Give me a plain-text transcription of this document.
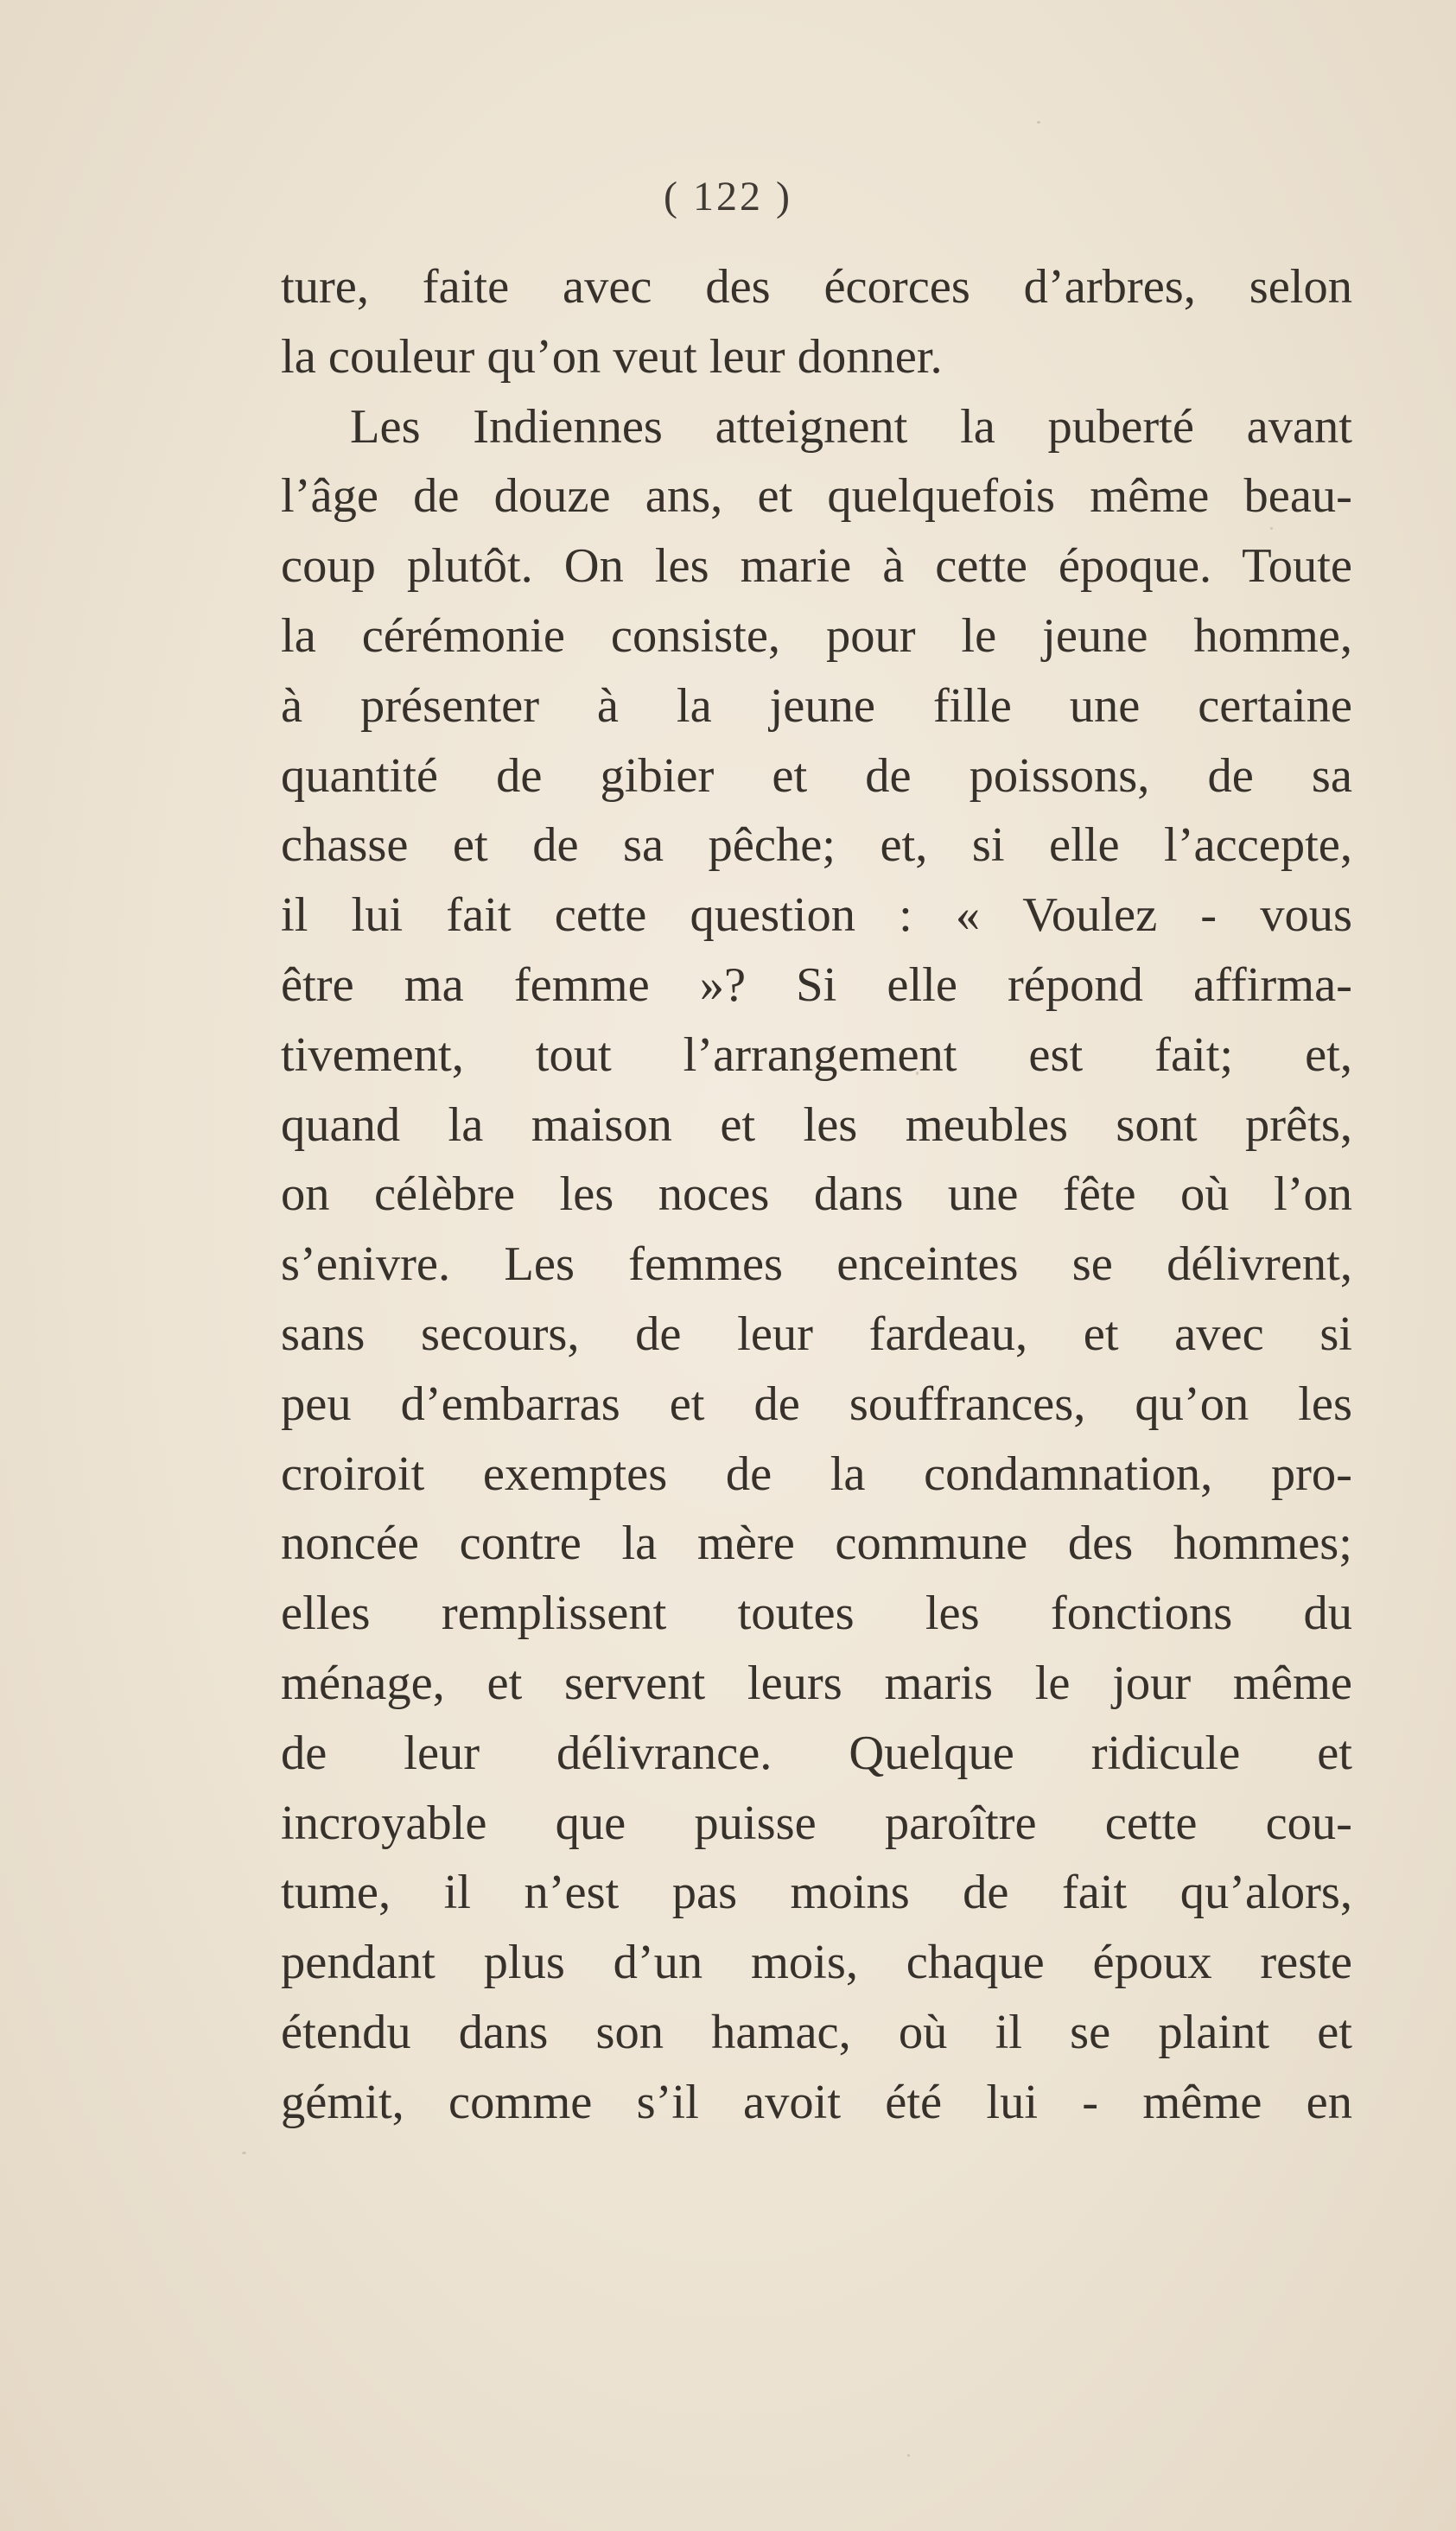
( 122 )
ture, faite avec des écorces d’arbres, selon
la couleur qu’on veut leur donner.
Les Indiennes atteignent la puberté avant
l’âge de douze ans, et quelquefois même beau-
coup plutôt. On les marie à cette époque. Toute
la cérémonie consiste, pour le jeune homme,
à présenter à la jeune fille une certaine
quantité de gibier et de poissons, de sa
chasse et de sa pêche; et, si elle l’accepte,
il lui fait cette question : « Voulez - vous
être ma femme »? Si elle répond affirma-
tivement, tout l’arrangement est fait; et,
quand la maison et les meubles sont prêts,
on célèbre les noces dans une fête où l’on
s’enivre. Les femmes enceintes se délivrent,
sans secours, de leur fardeau, et avec si
peu d’embarras et de souffrances, qu’on les
croiroit exemptes de la condamnation, pro-
noncée contre la mère commune des hommes;
elles remplissent toutes les fonctions du
ménage, et servent leurs maris le jour même
de leur délivrance. Quelque ridicule et
incroyable que puisse paroître cette cou-
tume, il n’est pas moins de fait qu’alors,
pendant plus d’un mois, chaque époux reste
étendu dans son hamac, où il se plaint et
gémit, comme s’il avoit été lui - même en
